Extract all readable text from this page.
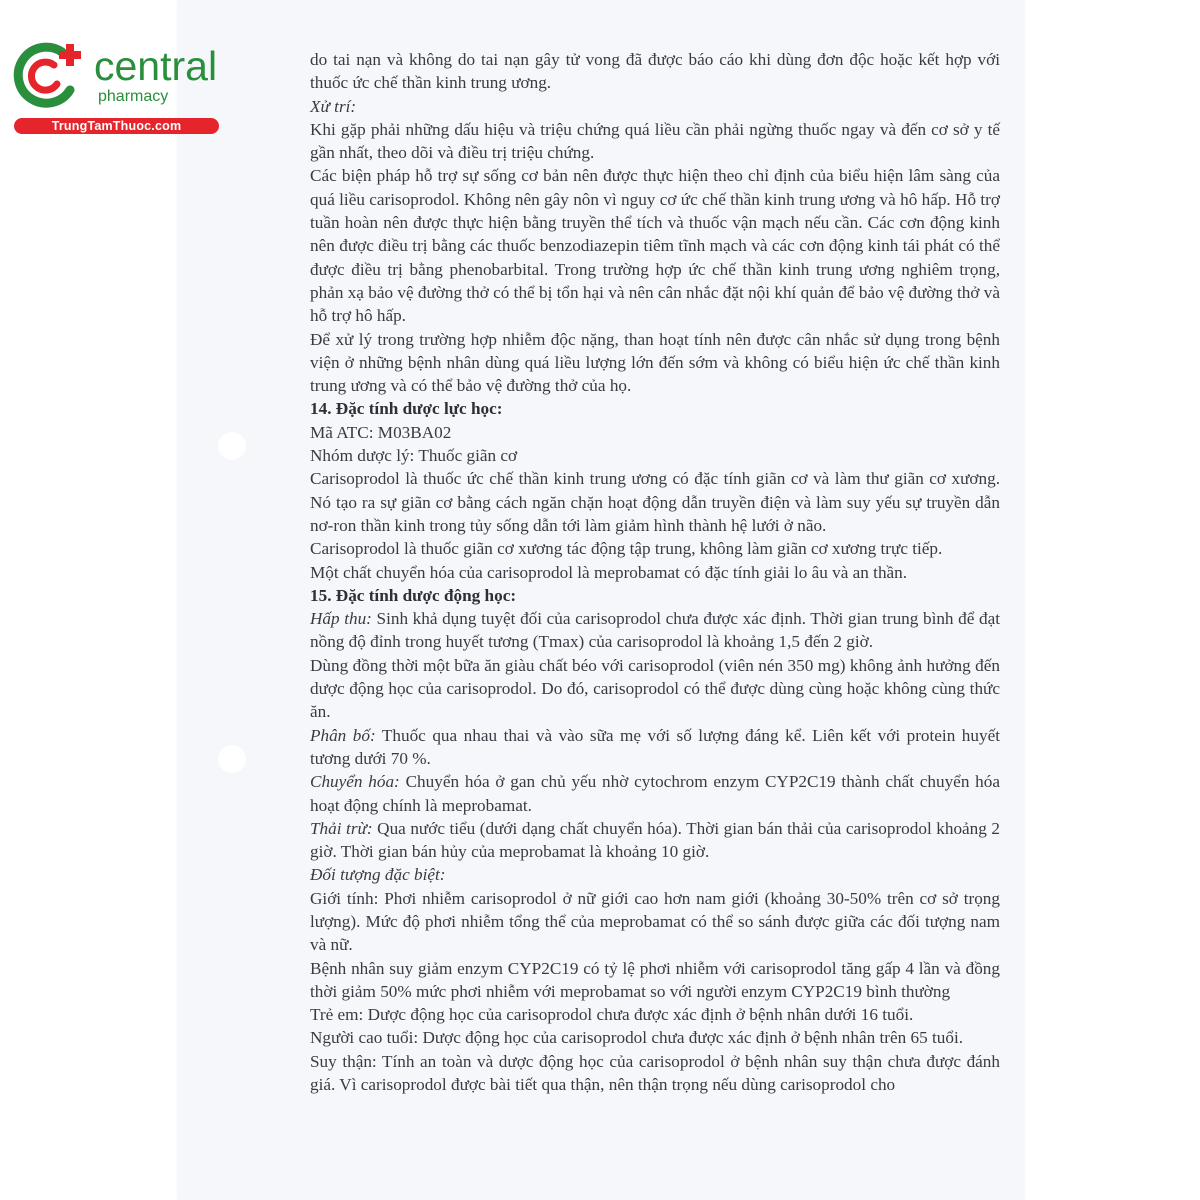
central
pharmacy
TrungTamThuoc.com

do tai nạn và không do tai nạn gây tử vong đã được báo cáo khi dùng đơn độc hoặc kết hợp với thuốc ức chế thần kinh trung ương.

Xử trí:

Khi gặp phải những dấu hiệu và triệu chứng quá liều cần phải ngừng thuốc ngay và đến cơ sở y tế gần nhất, theo dõi và điều trị triệu chứng.

Các biện pháp hỗ trợ sự sống cơ bản nên được thực hiện theo chỉ định của biểu hiện lâm sàng của quá liều carisoprodol. Không nên gây nôn vì nguy cơ ức chế thần kinh trung ương và hô hấp. Hỗ trợ tuần hoàn nên được thực hiện bằng truyền thể tích và thuốc vận mạch nếu cần. Các cơn động kinh nên được điều trị bằng các thuốc benzodiazepin tiêm tĩnh mạch và các cơn động kinh tái phát có thể được điều trị bằng phenobarbital. Trong trường hợp ức chế thần kinh trung ương nghiêm trọng, phản xạ bảo vệ đường thở có thể bị tổn hại và nên cân nhắc đặt nội khí quản để bảo vệ đường thở và hỗ trợ hô hấp.

Để xử lý trong trường hợp nhiễm độc nặng, than hoạt tính nên được cân nhắc sử dụng trong bệnh viện ở những bệnh nhân dùng quá liều lượng lớn đến sớm và không có biểu hiện ức chế thần kinh trung ương và có thể bảo vệ đường thở của họ.

14. Đặc tính dược lực học:

Mã ATC: M03BA02

Nhóm dược lý: Thuốc giãn cơ

Carisoprodol là thuốc ức chế thần kinh trung ương có đặc tính giãn cơ và làm thư giãn cơ xương. Nó tạo ra sự giãn cơ bằng cách ngăn chặn hoạt động dẫn truyền điện và làm suy yếu sự truyền dẫn nơ-ron thần kinh trong tủy sống dẫn tới làm giảm hình thành hệ lưới ở não.

Carisoprodol là thuốc giãn cơ xương tác động tập trung, không làm giãn cơ xương trực tiếp.

Một chất chuyển hóa của carisoprodol là meprobamat có đặc tính giải lo âu và an thần.

15. Đặc tính dược động học:

Hấp thu: Sinh khả dụng tuyệt đối của carisoprodol chưa được xác định. Thời gian trung bình để đạt nồng độ đỉnh trong huyết tương (Tmax) của carisoprodol là khoảng 1,5 đến 2 giờ.

Dùng đồng thời một bữa ăn giàu chất béo với carisoprodol (viên nén 350 mg) không ảnh hưởng đến dược động học của carisoprodol. Do đó, carisoprodol có thể được dùng cùng hoặc không cùng thức ăn.

Phân bố: Thuốc qua nhau thai và vào sữa mẹ với số lượng đáng kể. Liên kết với protein huyết tương dưới 70 %.

Chuyển hóa: Chuyển hóa ở gan chủ yếu nhờ cytochrom enzym CYP2C19 thành chất chuyển hóa hoạt động chính là meprobamat.

Thải trừ: Qua nước tiểu (dưới dạng chất chuyển hóa). Thời gian bán thải của carisoprodol khoảng 2 giờ. Thời gian bán hủy của meprobamat là khoảng 10 giờ.

Đối tượng đặc biệt:

Giới tính: Phơi nhiễm carisoprodol ở nữ giới cao hơn nam giới (khoảng 30-50% trên cơ sở trọng lượng). Mức độ phơi nhiễm tổng thể của meprobamat có thể so sánh được giữa các đối tượng nam và nữ.

Bệnh nhân suy giảm enzym CYP2C19 có tỷ lệ phơi nhiễm với carisoprodol tăng gấp 4 lần và đồng thời giảm 50% mức phơi nhiễm với meprobamat so với người enzym CYP2C19 bình thường

Trẻ em: Dược động học của carisoprodol chưa được xác định ở bệnh nhân dưới 16 tuổi.

Người cao tuổi: Dược động học của carisoprodol chưa được xác định ở bệnh nhân trên 65 tuổi.

Suy thận: Tính an toàn và dược động học của carisoprodol ở bệnh nhân suy thận chưa được đánh giá. Vì carisoprodol được bài tiết qua thận, nên thận trọng nếu dùng carisoprodol cho
